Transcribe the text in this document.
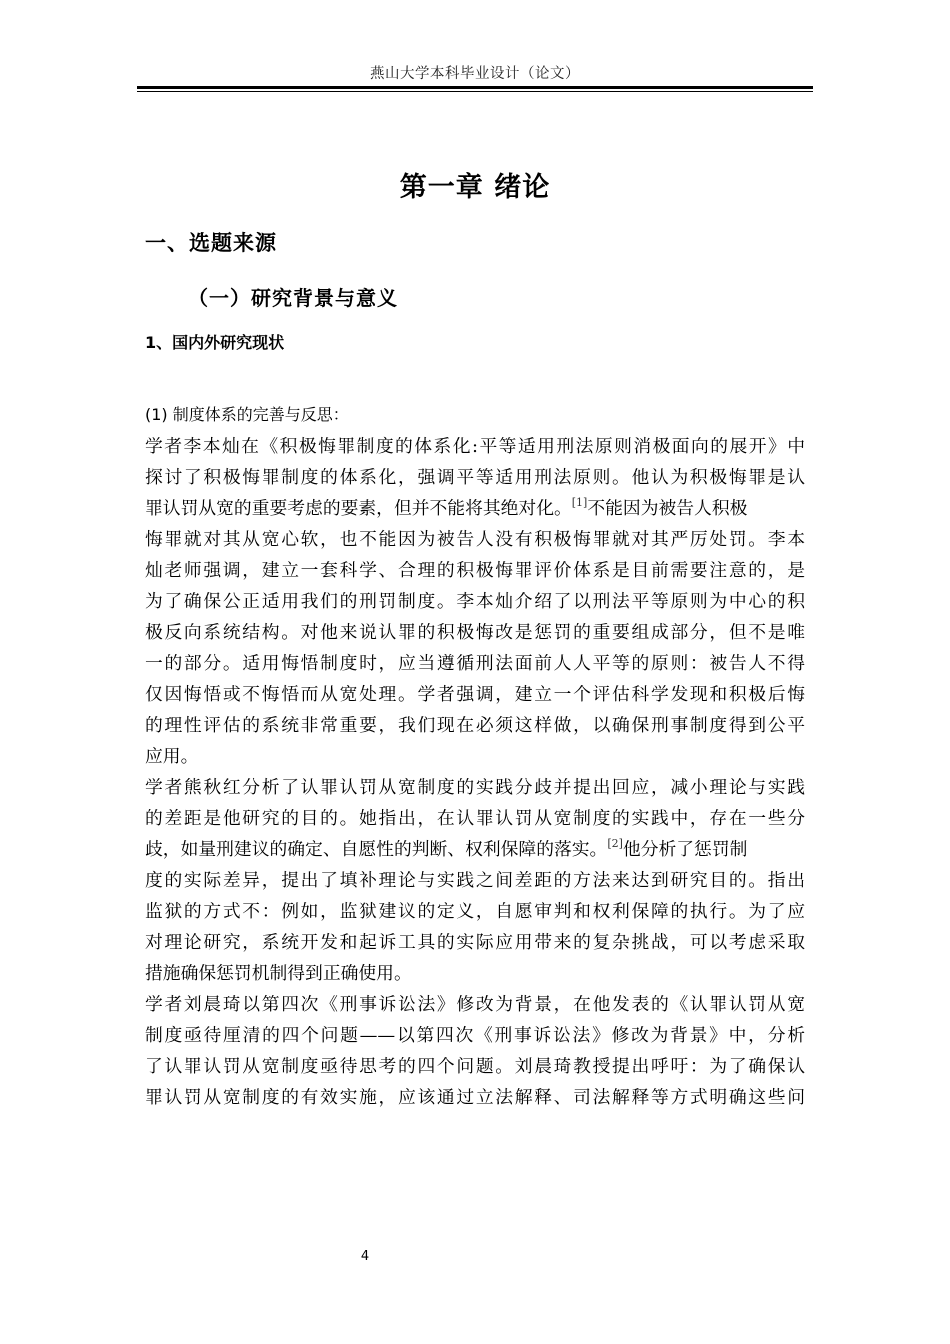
燕山大学本科毕业设计（论文）
第一章 绪论
一、选题来源
（一）研究背景与意义
1、国内外研究现状
(1) 制度体系的完善与反思：
学者李本灿在《积极悔罪制度的体系化:平等适用刑法原则消极面向的展开》中
探讨了积极悔罪制度的体系化，强调平等适用刑法原则。他认为积极悔罪是认
罪认罚从宽的重要考虑的要素，但并不能将其绝对化。[1]不能因为被告人积极
悔罪就对其从宽心软，也不能因为被告人没有积极悔罪就对其严厉处罚。李本
灿老师强调，建立一套科学、合理的积极悔罪评价体系是目前需要注意的，是
为了确保公正适用我们的刑罚制度。李本灿介绍了以刑法平等原则为中心的积
极反向系统结构。对他来说认罪的积极悔改是惩罚的重要组成部分，但不是唯
一的部分。适用悔悟制度时，应当遵循刑法面前人人平等的原则：被告人不得
仅因悔悟或不悔悟而从宽处理。学者强调，建立一个评估科学发现和积极后悔
的理性评估的系统非常重要，我们现在必须这样做，以确保刑事制度得到公平
应用。
学者熊秋红分析了认罪认罚从宽制度的实践分歧并提出回应，减小理论与实践
的差距是他研究的目的。她指出，在认罪认罚从宽制度的实践中，存在一些分
歧，如量刑建议的确定、自愿性的判断、权利保障的落实。[2]他分析了惩罚制
度的实际差异，提出了填补理论与实践之间差距的方法来达到研究目的。指出
监狱的方式不：例如，监狱建议的定义，自愿审判和权利保障的执行。为了应
对理论研究，系统开发和起诉工具的实际应用带来的复杂挑战，可以考虑采取
措施确保惩罚机制得到正确使用。
学者刘晨琦以第四次《刑事诉讼法》修改为背景，在他发表的《认罪认罚从宽
制度亟待厘清的四个问题——以第四次《刑事诉讼法》修改为背景》中，分析
了认罪认罚从宽制度亟待思考的四个问题。刘晨琦教授提出呼吁：为了确保认
罪认罚从宽制度的有效实施，应该通过立法解释、司法解释等方式明确这些问
4
